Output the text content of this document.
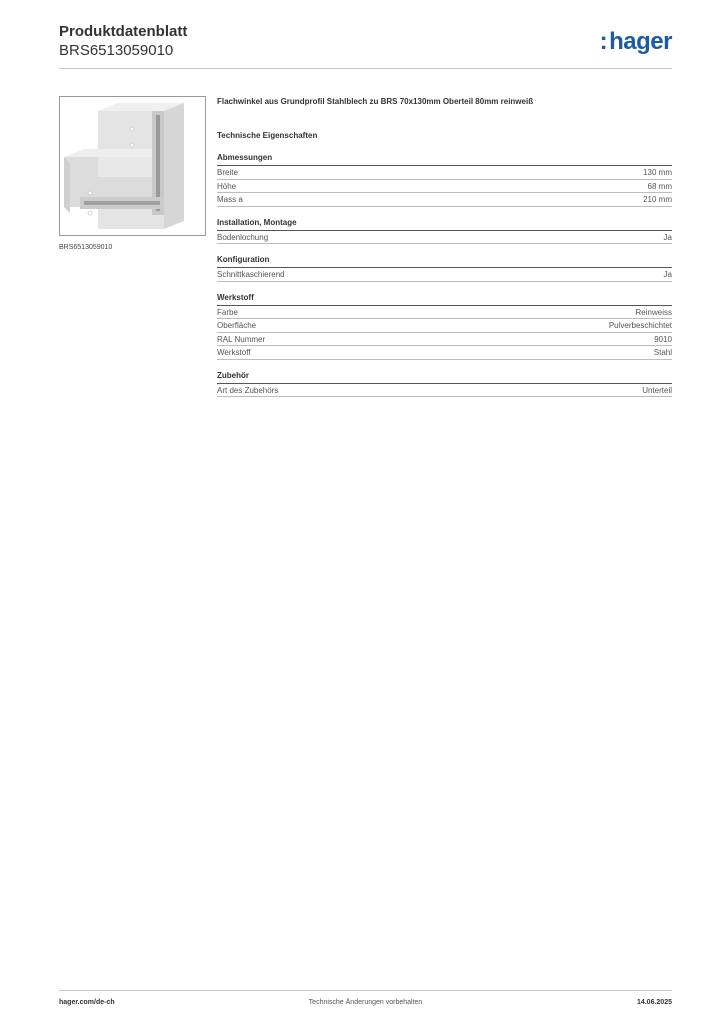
Produktdatenblatt
BRS6513059010	:hager
BRS6513059010
Flachwinkel aus Grundprofil Stahlblech zu BRS 70x130mm Oberteil 80mm reinweiß
Technische Eigenschaften
Abmessungen
Breite	130 mm
Höhe	68 mm
Mass a	210 mm
Installation, Montage
Bodenlochung	Ja
Konfiguration
Schnittkaschierend	Ja
Werkstoff
Farbe	Reinweiss
Oberfläche	Pulverbeschichtet
RAL Nummer	9010
Werkstoff	Stahl
Zubehör
Art des Zubehörs	Unterteil
hager.com/de-ch	Technische Änderungen vorbehalten	14.06.2025
